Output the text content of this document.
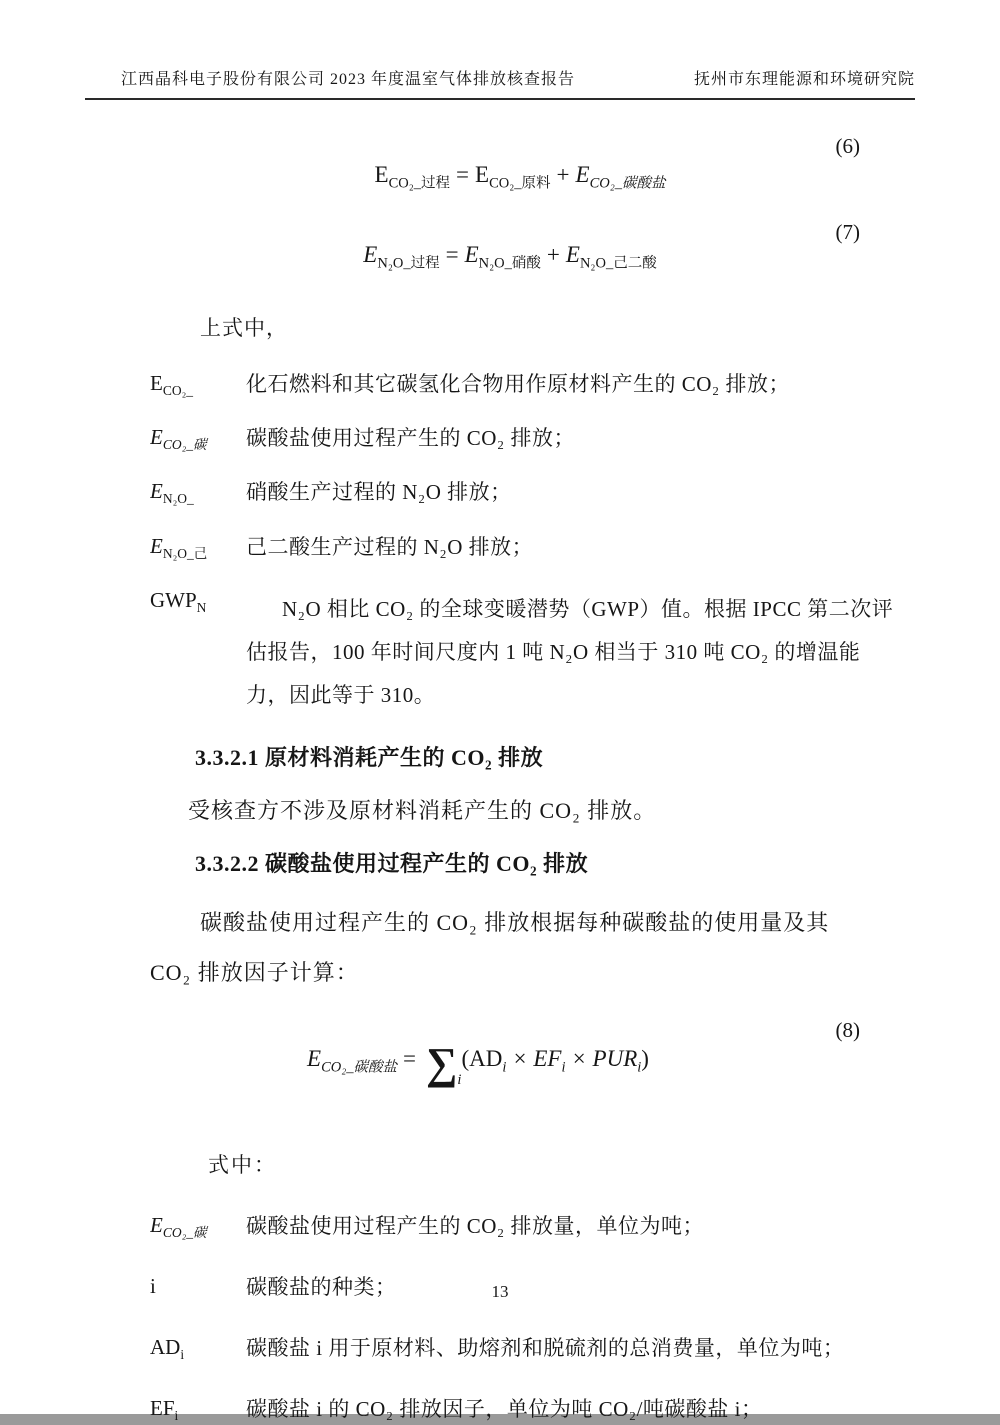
江西晶科电子股份有限公司 2023 年度温室气体排放核查报告	抚州市东理能源和环境研究院
(6)
$E_{CO_2\_过程} = E_{CO_2\_原料} + E_{CO_2\_碳酸盐}$
(7)
$E_{N_2O\_过程} = E_{N_2O\_硝酸} + E_{N_2O\_己二酸}$

上式中，

$E_{CO_2\_}$	化石燃料和其它碳氢化合物用作原材料产生的 CO₂ 排放；
$E_{CO_2\_碳}$	碳酸盐使用过程产生的 CO₂ 排放；
$E_{N_2O\_}$	硝酸生产过程的 N₂O 排放；
$E_{N_2O\_己}$	己二酸生产过程的 N₂O 排放；
$GWP_N$	N₂O 相比 CO₂ 的全球变暖潜势（GWP）值。根据 IPCC 第二次评估报告，100 年时间尺度内 1 吨 N₂O 相当于 310 吨 CO₂ 的增温能力，因此等于 310。
3.3.2.1 原材料消耗产生的 CO₂ 排放

受核查方不涉及原材料消耗产生的 CO₂ 排放。

3.3.2.2 碳酸盐使用过程产生的 CO₂ 排放

碳酸盐使用过程产生的 CO₂ 排放根据每种碳酸盐的使用量及其 CO₂ 排放因子计算：

(8)
$E_{CO_2\_碳酸盐} = \sum_i(AD_i \times EF_i \times PUR_i)$

式中：

$E_{CO_2\_碳}$	碳酸盐使用过程产生的 CO₂ 排放量，单位为吨；
i	碳酸盐的种类；
$AD_i$	碳酸盐 i 用于原材料、助熔剂和脱硫剂的总消费量，单位为吨；
$EF_i$	碳酸盐 i 的 CO₂ 排放因子，单位为吨 CO₂/吨碳酸盐 i；
13
